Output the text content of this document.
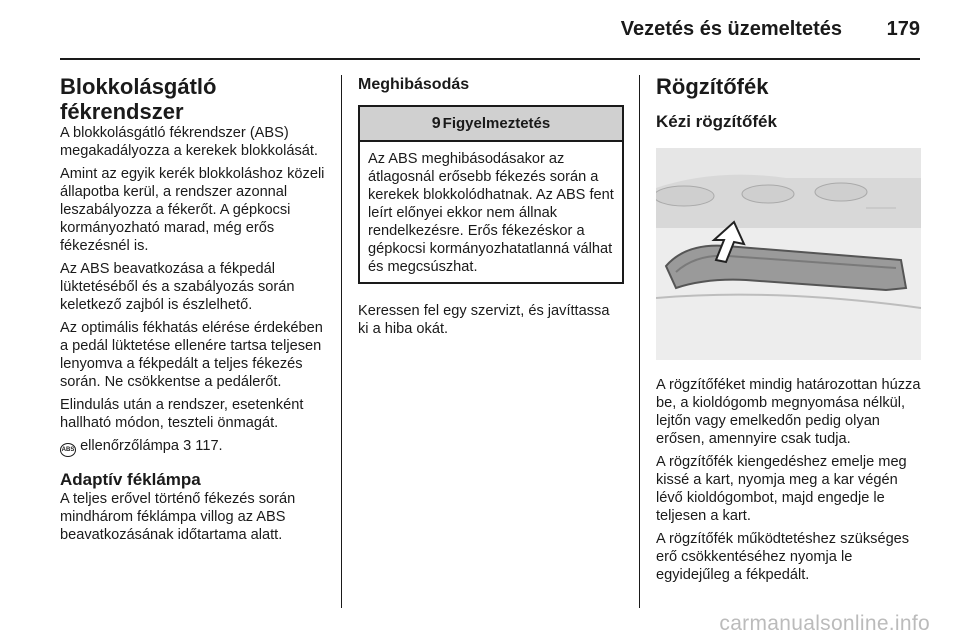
Vezetés és üzemeltetés 179
Blokkolásgátló fékrendszer

A blokkolásgátló fékrendszer (ABS) megakadályozza a kerekek blokkolását.

Amint az egyik kerék blokkoláshoz közeli állapotba kerül, a rendszer azonnal leszabályozza a fékerőt. A gépkocsi kormányozható marad, még erős fékezésnél is.

Az ABS beavatkozása a fékpedál lüktetéséből és a szabályozás során keletkező zajból is észlelhető.

Az optimális fékhatás elérése érdekében a pedál lüktetése ellenére tartsa teljesen lenyomva a fékpedált a teljes fékezés során. Ne csökkentse a pedálerőt.

Elindulás után a rendszer, esetenként hallható módon, teszteli önmagát.

ABS ellenőrzőlámpa 3 117.

Adaptív féklámpa

A teljes erővel történő fékezés során mindhárom féklámpa villog az ABS beavatkozásának időtartama alatt.

Meghibásodás
9 Figyelmeztetés
Az ABS meghibásodásakor az átlagosnál erősebb fékezés során a kerekek blokkolódhatnak. Az ABS fent leírt előnyei ekkor nem állnak rendelkezésre. Erős fékezéskor a gépkocsi kormányozhatatlanná válhat és megcsúszhat.

Keressen fel egy szervizt, és javíttassa ki a hiba okát.

Rögzítőfék
Kézi rögzítőfék

A rögzítőféket mindig határozottan húzza be, a kioldógomb megnyomása nélkül, lejtőn vagy emelkedőn pedig olyan erősen, amennyire csak tudja.

A rögzítőfék kiengedéshez emelje meg kissé a kart, nyomja meg a kar végén lévő kioldógombot, majd engedje le teljesen a kart.

A rögzítőfék működtetéshez szükséges erő csökkentéséhez nyomja le egyidejűleg a fékpedált.

carmanualsonline.info
